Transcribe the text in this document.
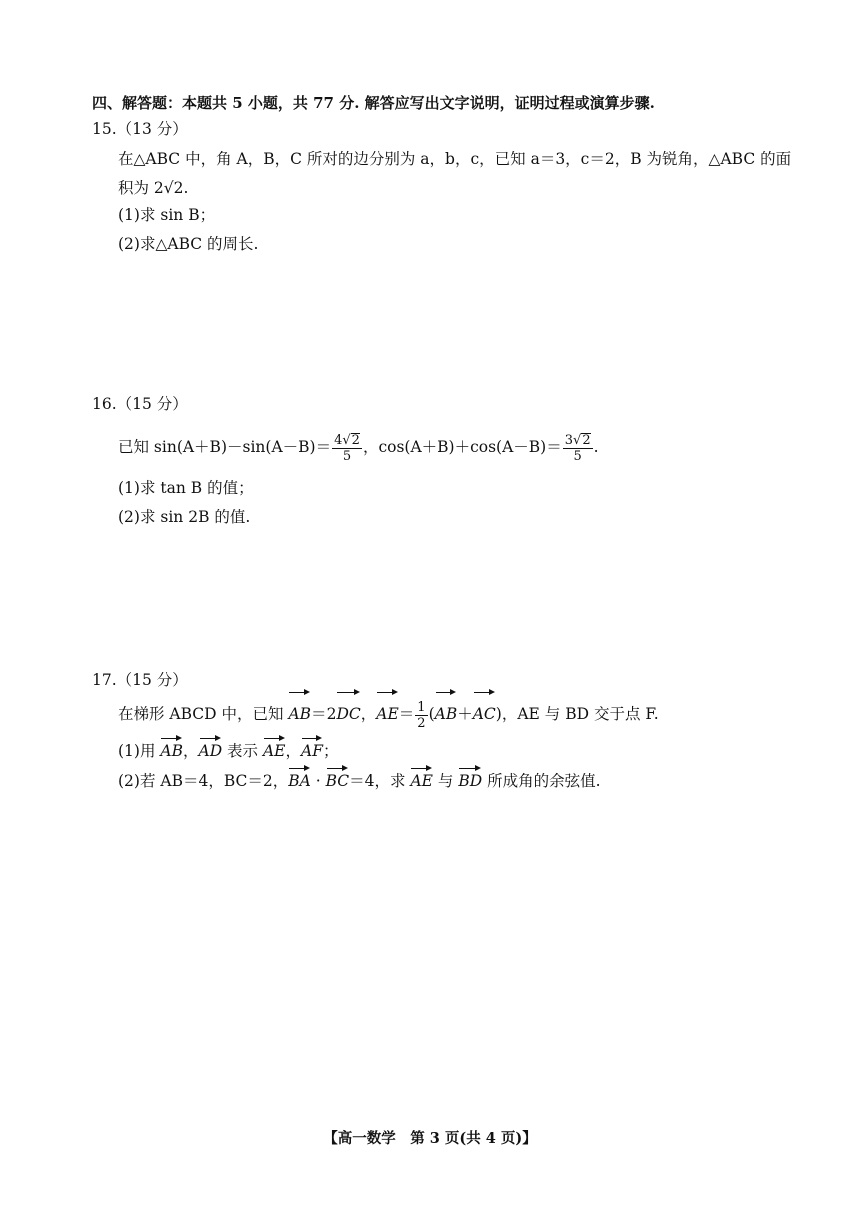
四、解答题：本题共 5 小题，共 77 分. 解答应写出文字说明，证明过程或演算步骤.
15.（13 分）
在△ABC 中，角 A，B，C 所对的边分别为 a，b，c，已知 a＝3，c＝2，B 为锐角，△ABC 的面
积为 2√2.
(1)求 sin B；
(2)求△ABC 的周长.
16.（15 分）
已知 $\sin(A+B)-\sin(A-B)= \frac{4√2}{5}$ ，$\cos(A+B)+\cos(A-B)= \frac{3√2}{5}$ .
(1)求 tan B 的值；
(2)求 sin 2B 的值.
17.（15 分）
在梯形 ABCD 中，已知 AB＝2DC，$AE= \frac{1}{2} (AB+AC)$，AE 与 BD 交于点 F.
(1)用 AB，AD 表示 AE，AF；
(2)若 AB＝4，BC＝2，BA · BC＝4，求 AE 与 BD 所成角的余弦值.
【高一数学　第 3 页(共 4 页)】
